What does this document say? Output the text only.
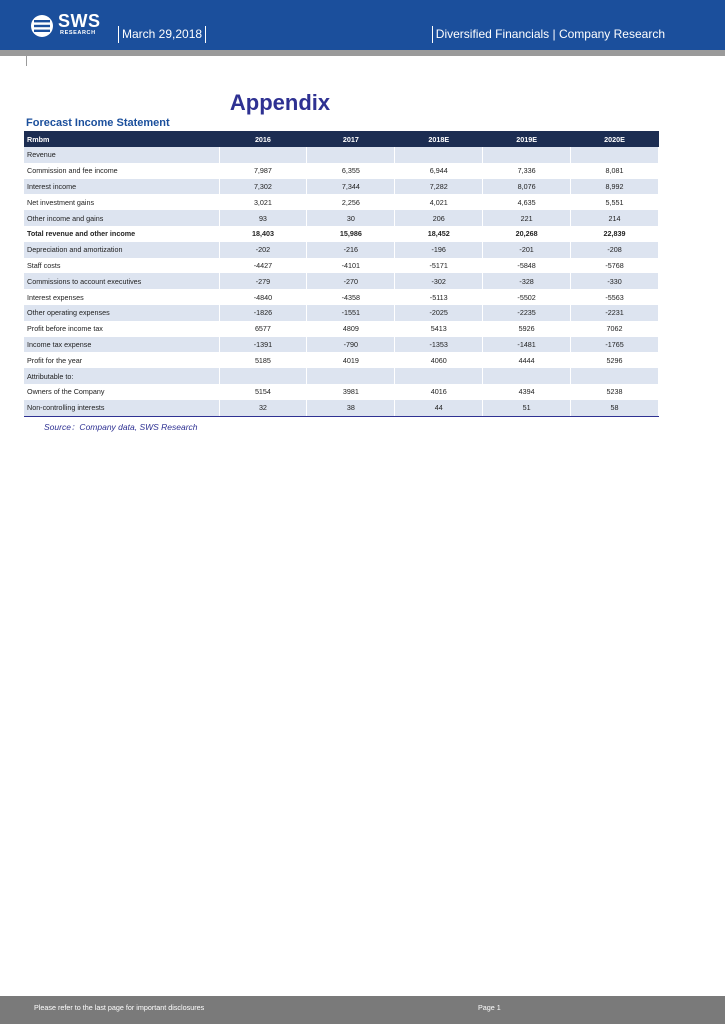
SWS
RESEARCH	March 29,2018	Diversified Financials | Company Research
Appendix
Forecast Income Statement
Rmbm	2016	2017	2018E	2019E	2020E
Revenue					
Commission and fee income	7,987	6,355	6,944	7,336	8,081
Interest income	7,302	7,344	7,282	8,076	8,992
Net investment gains	3,021	2,256	4,021	4,635	5,551
Other income and gains	93	30	206	221	214
Total revenue and other income	18,403	15,986	18,452	20,268	22,839
Depreciation and amortization	-202	-216	-196	-201	-208
Staff costs	-4427	-4101	-5171	-5848	-5768
Commissions to account executives	-279	-270	-302	-328	-330
Interest expenses	-4840	-4358	-5113	-5502	-5563
Other operating expenses	-1826	-1551	-2025	-2235	-2231
Profit before income tax	6577	4809	5413	5926	7062
Income tax expense	-1391	-790	-1353	-1481	-1765
Profit for the year	5185	4019	4060	4444	5296
Attributable to:					
Owners of the Company	5154	3981	4016	4394	5238
Non-controlling interests	32	38	44	51	58
Source：Company data, SWS Research
Please refer to the last page for important disclosures	Page 1
